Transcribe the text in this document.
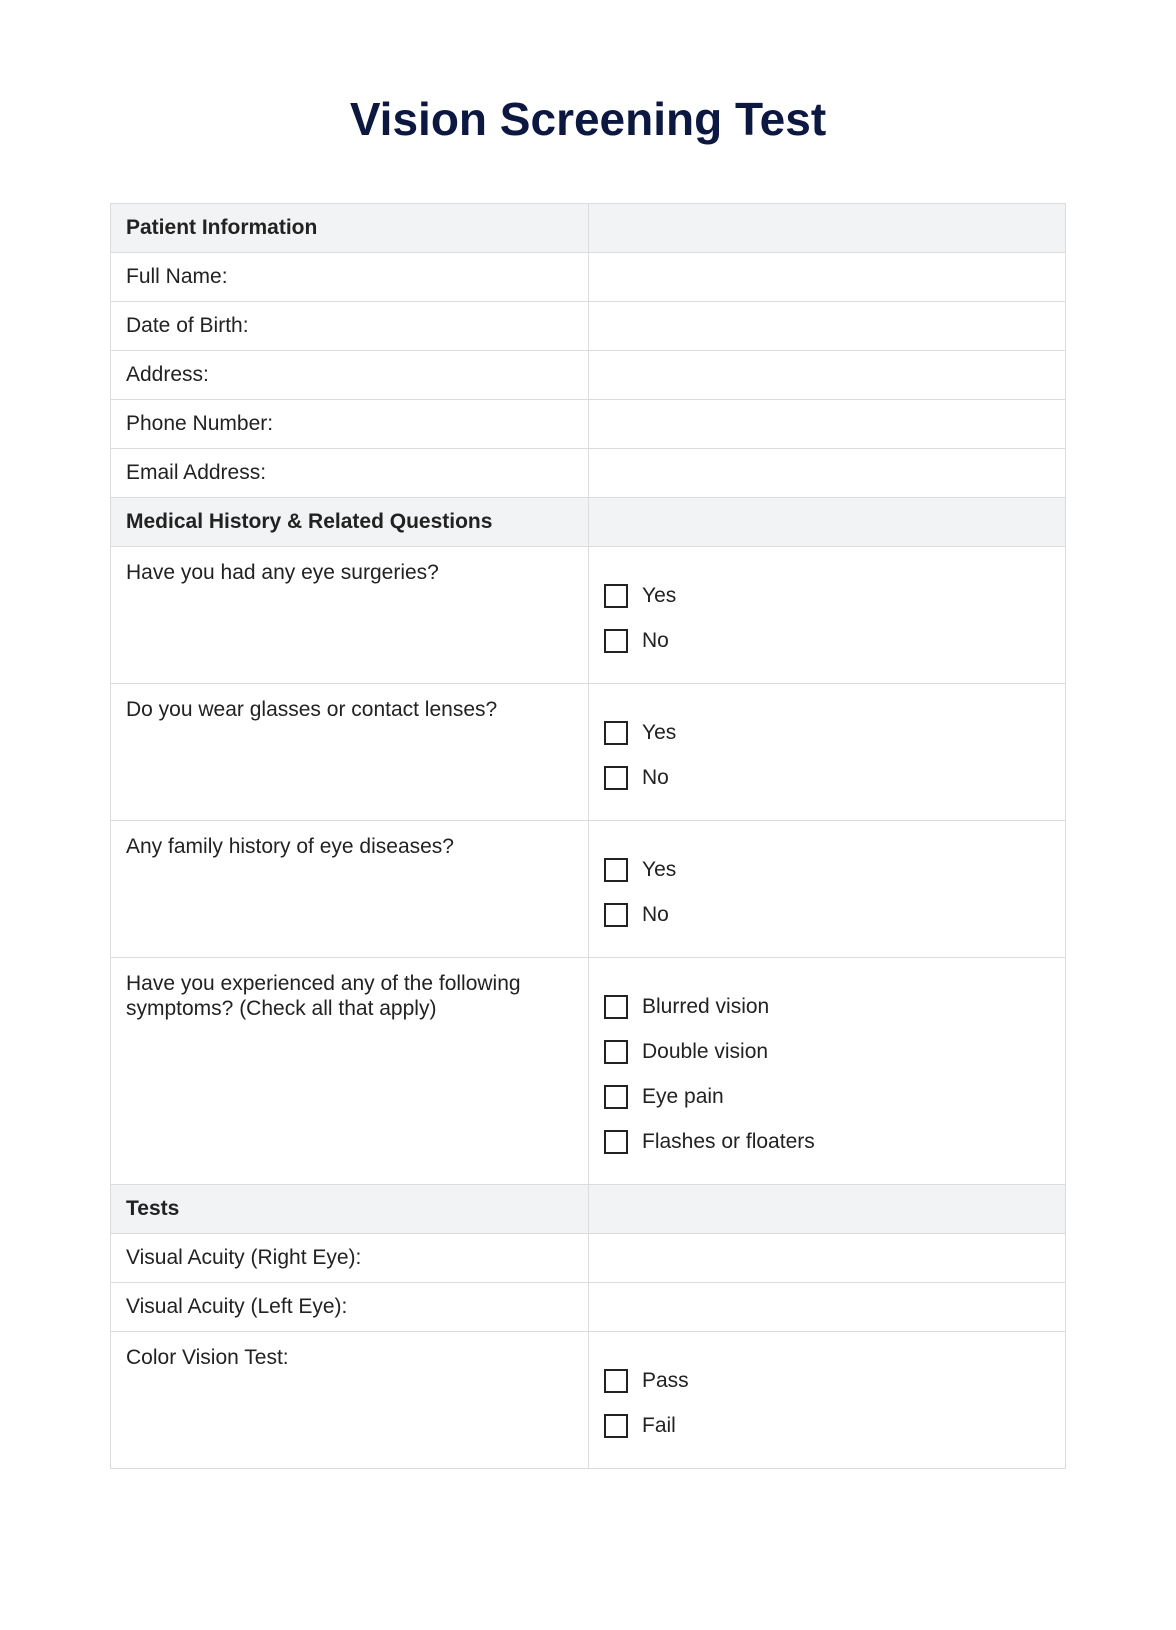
Vision Screening Test
Patient Information	
Full Name:	
Date of Birth:	
Address:	
Phone Number:	
Email Address:	
Medical History & Related Questions	
Have you had any eye surgeries?	Yes
No

Do you wear glasses or contact lenses?	Yes
No

Any family history of eye diseases?	Yes
No

Have you experienced any of the following symptoms? (Check all that apply)	Blurred vision
Double vision
Eye pain
Flashes or floaters

Tests	
Visual Acuity (Right Eye):	
Visual Acuity (Left Eye):	
Color Vision Test:	Pass
Fail
